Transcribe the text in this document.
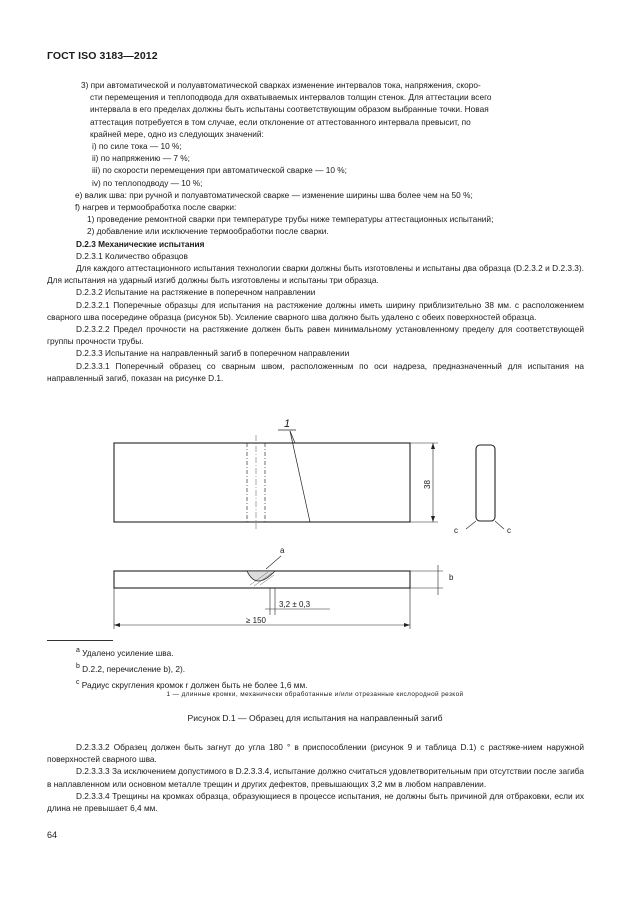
ГОСТ ISO 3183—2012

3) при автоматической и полуавтоматической сварках изменение интервалов тока, напряжения, скоро-

сти перемещения и теплоподвода для охватываемых интервалов толщин стенок. Для аттестации всего

интервала в его пределах должны быть испытаны соответствующим образом выбранные точки. Новая

аттестация потребуется в том случае, если отклонение от аттестованного интервала превысит, по

крайней мере, одно из следующих значений:

i) по силе тока — 10 %;

ii) по напряжению — 7 %;

iii) по скорости перемещения при автоматической сварке — 10 %;

iv) по теплоподводу — 10 %;

e) валик шва: при ручной и полуавтоматической сварке — изменение ширины шва более чем на 50 %;

f) нагрев и термообработка после сварки:

1) проведение ремонтной сварки при температуре трубы ниже температуры аттестационных испытаний;

2) добавление или исключение термообработки после сварки.

D.2.3 Механические испытания

D.2.3.1 Количество образцов

Для каждого аттестационного испытания технологии сварки должны быть изготовлены и испытаны два образца (D.2.3.2 и D.2.3.3). Для испытания на ударный изгиб должны быть изготовлены и испытаны три образца.

D.2.3.2 Испытание на растяжение в поперечном направлении

D.2.3.2.1 Поперечные образцы для испытания на растяжение должны иметь ширину приблизительно 38 мм. с расположением сварного шва посередине образца (рисунок 5b). Усиление сварного шва должно быть удалено с обеих поверхностей образца.

D.2.3.2.2 Предел прочности на растяжение должен быть равен минимальному установленному пределу для соответствующей группы прочности трубы.

D.2.3.3 Испытание на направленный загиб в поперечном направлении

D.2.3.3.1 Поперечный образец со сварным швом, расположенным по оси надреза, предназначенный для испытания на направленный загиб, показан на рисунке D.1.

1
38
c	c
a
b
3,2 ± 0,3
≥ 150
$^a$ Удалено усиление шва.
$^b$ D.2.2, перечисление b), 2).
$^c$ Радиус скругления кромок r должен быть не более 1,6 мм.
1 — длинные кромки, механически обработанные и/или отрезанные кислородной резкой
Рисунок D.1 — Образец для испытания на направленный загиб

D.2.3.3.2 Образец должен быть загнут до угла 180 ° в приспособлении (рисунок 9 и таблица D.1) с растяже-нием наружной поверхностей сварного шва.

D.2.3.3.3 За исключением допустимого в D.2.3.3.4, испытание должно считаться удовлетворительным при отсутствии после загиба в наплавленном или основном металле трещин и других дефектов, превышающих 3,2 мм в любом направлении.

D.2.3.3.4 Трещины на кромках образца, образующиеся в процессе испытания, не должны быть причиной для отбраковки, если их длина не превышает 6,4 мм.

64
